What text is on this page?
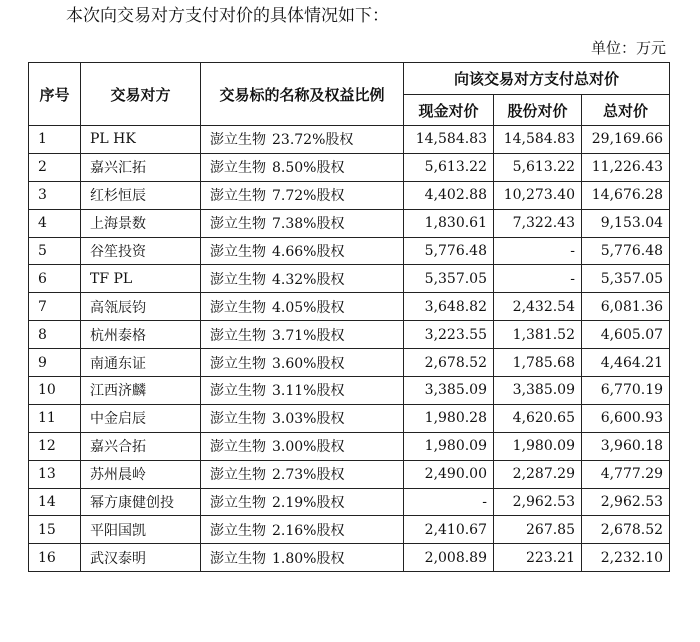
本次向交易对方支付对价的具体情况如下：
单位：万元
序号	交易对方	交易标的名称及权益比例	向该交易对方支付总对价		
			现金对价	股份对价	总对价
1	PL HK	澎立生物 23.72%股权	14,584.83	14,584.83	29,169.66
2	嘉兴汇拓	澎立生物 8.50%股权	5,613.22	5,613.22	11,226.43
3	红杉恒辰	澎立生物 7.72%股权	4,402.88	10,273.40	14,676.28
4	上海景数	澎立生物 7.38%股权	1,830.61	7,322.43	9,153.04
5	谷笙投资	澎立生物 4.66%股权	5,776.48	-	5,776.48
6	TF PL	澎立生物 4.32%股权	5,357.05	-	5,357.05
7	高瓴辰钧	澎立生物 4.05%股权	3,648.82	2,432.54	6,081.36
8	杭州泰格	澎立生物 3.71%股权	3,223.55	1,381.52	4,605.07
9	南通东证	澎立生物 3.60%股权	2,678.52	1,785.68	4,464.21
10	江西济麟	澎立生物 3.11%股权	3,385.09	3,385.09	6,770.19
11	中金启辰	澎立生物 3.03%股权	1,980.28	4,620.65	6,600.93
12	嘉兴合拓	澎立生物 3.00%股权	1,980.09	1,980.09	3,960.18
13	苏州晨岭	澎立生物 2.73%股权	2,490.00	2,287.29	4,777.29
14	幂方康健创投	澎立生物 2.19%股权	-	2,962.53	2,962.53
15	平阳国凯	澎立生物 2.16%股权	2,410.67	267.85	2,678.52
16	武汉泰明	澎立生物 1.80%股权	2,008.89	223.21	2,232.10
